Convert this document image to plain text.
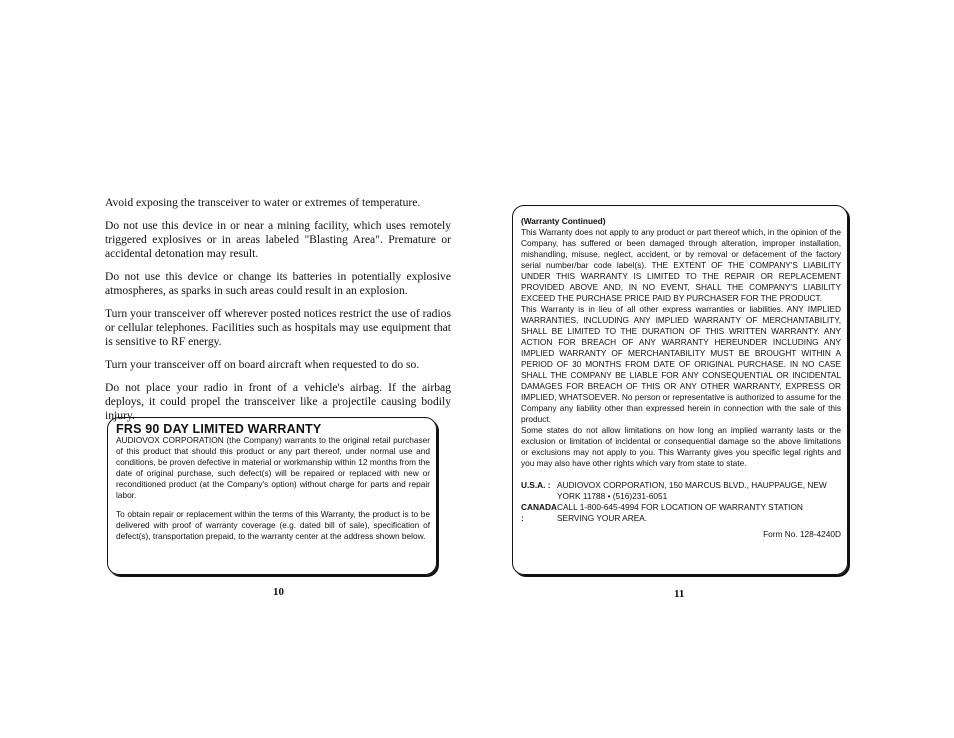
Avoid exposing the transceiver to water or extremes of temperature.

Do not use this device in or near a mining facility, which uses remotely triggered explosives or in areas labeled "Blasting Area". Premature or accidental detonation may result.

Do not use this device or change its batteries in potentially explosive atmospheres, as sparks in such areas could result in an explosion.

Turn your transceiver off wherever posted notices restrict the use of radios or cellular telephones. Facilities such as hospitals may use equipment that is sensitive to RF energy.

Turn your transceiver off on board aircraft when requested to do so.

Do not place your radio in front of a vehicle's airbag. If the airbag deploys, it could propel the transceiver like a projectile causing bodily injury.

FRS 90 DAY LIMITED WARRANTY

AUDIOVOX CORPORATION (the Company) warrants to the original retail purchaser of this product that should this product or any part thereof, under normal use and conditions, be proven defective in material or workmanship within 12 months from the date of original purchase, such defect(s) will be repaired or replaced with new or reconditioned product (at the Company's option) without charge for parts and repair labor.

To obtain repair or replacement within the terms of this Warranty, the product is to be delivered with proof of warranty coverage (e.g. dated bill of sale), specification of defect(s), transportation prepaid, to the warranty center at the address shown below.

10

(Warranty Continued)

This Warranty does not apply to any product or part thereof which, in the opinion of the Company, has suffered or been damaged through alteration, improper installation, mishandling, misuse, neglect, accident, or by removal or defacement of the factory serial number/bar code label(s). THE EXTENT OF THE COMPANY'S LIABILITY UNDER THIS WARRANTY IS LIMITED TO THE REPAIR OR REPLACEMENT PROVIDED ABOVE AND, IN NO EVENT, SHALL THE COMPANY'S LIABILITY EXCEED THE PURCHASE PRICE PAID BY PURCHASER FOR THE PRODUCT.

This Warranty is in lieu of all other express warranties or liabilities. ANY IMPLIED WARRANTIES, INCLUDING ANY IMPLIED WARRANTY OF MERCHANTABILITY, SHALL BE LIMITED TO THE DURATION OF THIS WRITTEN WARRANTY. ANY ACTION FOR BREACH OF ANY WARRANTY HEREUNDER INCLUDING ANY IMPLIED WARRANTY OF MERCHANTABILITY MUST BE BROUGHT WITHIN A PERIOD OF 30 MONTHS FROM DATE OF ORIGINAL PURCHASE. IN NO CASE SHALL THE COMPANY BE LIABLE FOR ANY CONSEQUENTIAL OR INCIDENTAL DAMAGES FOR BREACH OF THIS OR ANY OTHER WARRANTY, EXPRESS OR IMPLIED, WHATSOEVER. No person or representative is authorized to assume for the Company any liability other than expressed herein in connection with the sale of this product.

Some states do not allow limitations on how long an implied warranty lasts or the exclusion or limitation of incidental or consequential damage so the above limitations or exclusions may not apply to you. This Warranty gives you specific legal rights and you may also have other rights which vary from state to state.

U.S.A. : AUDIOVOX CORPORATION, 150 MARCUS BLVD., HAUPPAUGE, NEW YORK 11788 • (516)231-6051
CANADA :
CALL 1-800-645-4994 FOR LOCATION OF WARRANTY STATION SERVING YOUR AREA.
Form No. 128-4240D
11
